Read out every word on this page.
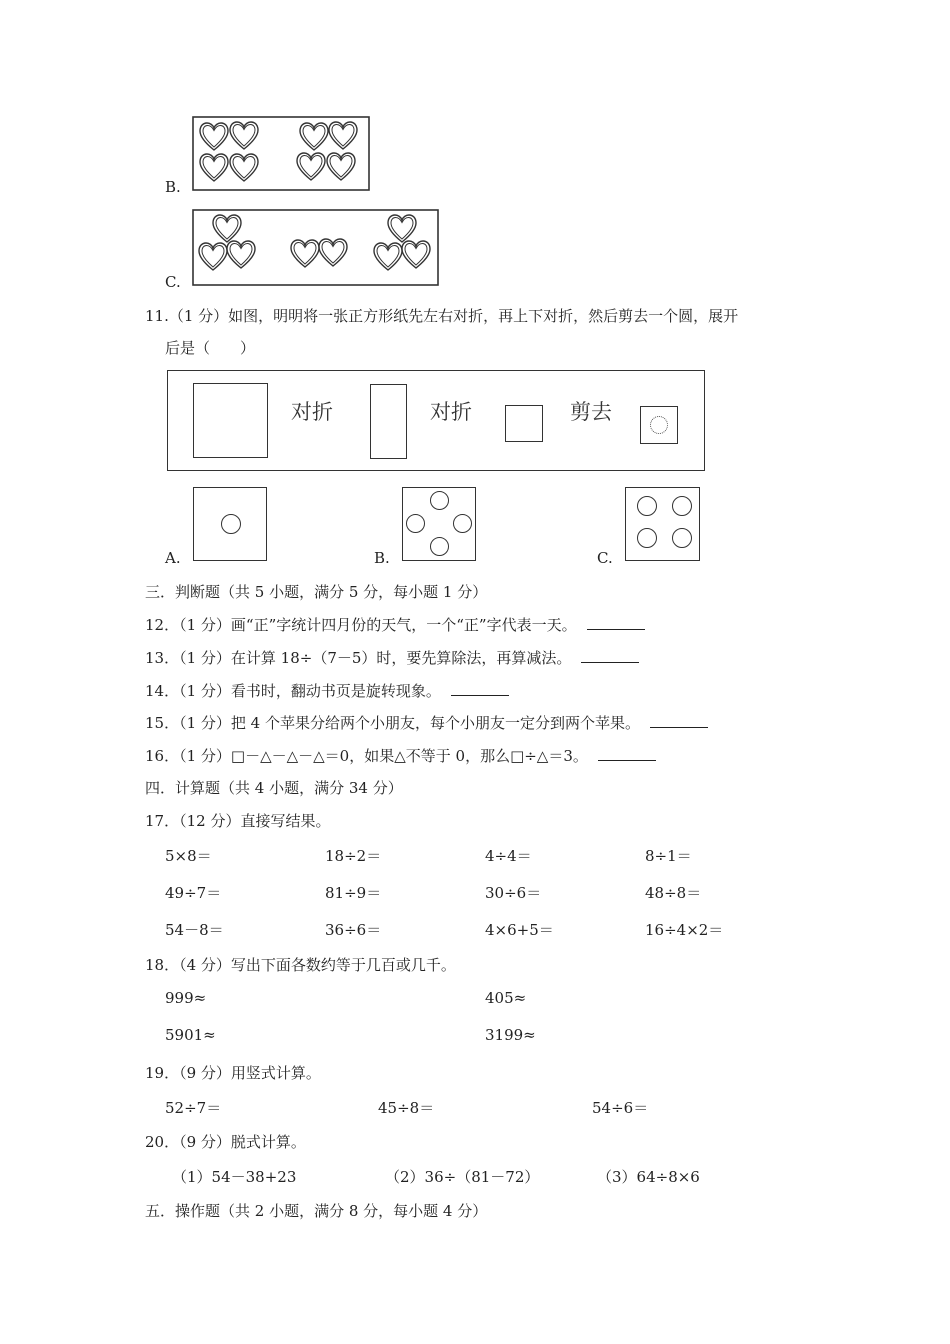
B.
C.
11.（1 分）如图，明明将一张正方形纸先左右对折，再上下对折，然后剪去一个圆，展开
后是（　　）
对折	对折	剪去
A.	B.	C.
三．判断题（共 5 小题，满分 5 分，每小题 1 分）
12．（1 分）画“正”字统计四月份的天气，一个“正”字代表一天。
13．（1 分）在计算 18÷（7－5）时，要先算除法，再算减法。
14．（1 分）看书时，翻动书页是旋转现象。
15．（1 分）把 4 个苹果分给两个小朋友，每个小朋友一定分到两个苹果。
16．（1 分）□－△－△－△＝0，如果△不等于 0，那么□÷△＝3。
四．计算题（共 4 小题，满分 34 分）
17．（12 分）直接写结果。
5×8＝	18÷2＝	4÷4＝	8÷1＝
49÷7＝	81÷9＝	30÷6＝	48÷8＝
54－8＝	36÷6＝	4×6+5＝	16÷4×2＝
18．（4 分）写出下面各数约等于几百或几千。
999≈	405≈
5901≈	3199≈
19．（9 分）用竖式计算。
52÷7＝	45÷8＝	54÷6＝
20．（9 分）脱式计算。
（1）54－38+23	（2）36÷（81－72）	（3）64÷8×6
五．操作题（共 2 小题，满分 8 分，每小题 4 分）
